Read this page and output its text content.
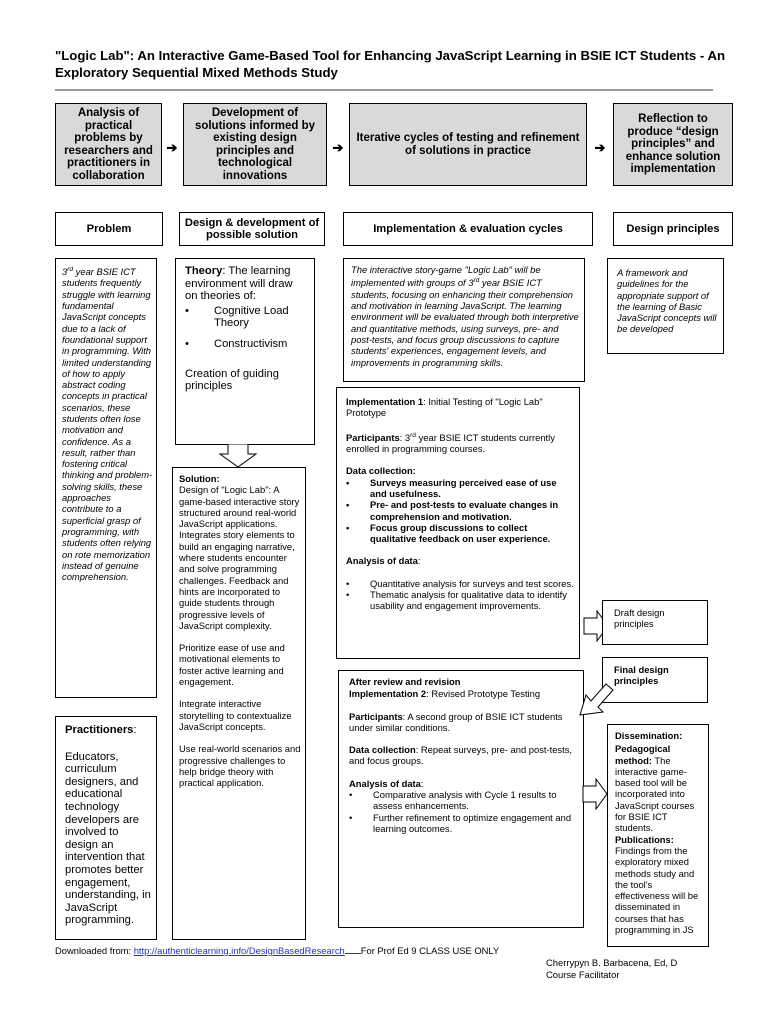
"Logic Lab": An Interactive Game-Based Tool for Enhancing JavaScript Learning in BSIE ICT Students - An Exploratory Sequential Mixed Methods Study
Analysis of practical problems by researchers and practitioners in collaboration
➔
Development of solutions informed by existing design principles and technological innovations
➔
Iterative cycles of testing and refinement of solutions in practice	➔
Reflection to produce “design principles” and enhance solution implementation
Problem
Design & development of possible solution
Implementation & evaluation cycles	Design principles
3rd year BSIE ICT students frequently struggle with learning fundamental JavaScript concepts due to a lack of foundational support in programming. With limited understanding of how to apply abstract coding concepts in practical scenarios, these students often lose motivation and confidence. As a result, rather than fostering critical thinking and problem-solving skills, these approaches contribute to a superficial grasp of programming, with students often relying on rote memorization instead of genuine comprehension.
Practitioners:
Educators, curriculum designers, and educational technology developers are involved to design an intervention that promotes better engagement, understanding, in JavaScript programming.
Theory: The learning environment will draw on theories of:
• Cognitive Load Theory
• Constructivism
Creation of guiding principles
Solution:
Design of "Logic Lab": A game-based interactive story structured around real-world JavaScript applications. Integrates story elements to build an engaging narrative, where students encounter and solve programming challenges. Feedback and hints are incorporated to guide students through progressive levels of JavaScript complexity.
Prioritize ease of use and motivational elements to foster active learning and engagement.
Integrate interactive storytelling to contextualize JavaScript concepts.
Use real-world scenarios and progressive challenges to help bridge theory with practical application.
The interactive story-game "Logic Lab" will be implemented with groups of 3rd year BSIE ICT students, focusing on enhancing their comprehension and motivation in learning JavaScript. The learning environment will be evaluated through both interpretive and quantitative methods, using surveys, pre- and post-tests, and focus group discussions to capture students' experiences, engagement levels, and improvements in programming skills.
Implementation 1: Initial Testing of "Logic Lab" Prototype
Participants: 3rd year BSIE ICT students currently enrolled in programming courses.
Data collection:
• Surveys measuring perceived ease of use and usefulness.
• Pre- and post-tests to evaluate changes in comprehension and motivation.
• Focus group discussions to collect qualitative feedback on user experience.
Analysis of data:
• Quantitative analysis for surveys and test scores.
• Thematic analysis for qualitative data to identify usability and engagement improvements.
After review and revision
Implementation 2: Revised Prototype Testing
Participants: A second group of BSIE ICT students under similar conditions.
Data collection: Repeat surveys, pre- and post-tests, and focus groups.
Analysis of data:
• Comparative analysis with Cycle 1 results to assess enhancements.
• Further refinement to optimize engagement and learning outcomes.
A framework and guidelines for the appropriate support of the learning of Basic JavaScript concepts will be developed
Draft design principles
Final design principles
Dissemination:
Pedagogical method: The interactive game-based tool will be incorporated into JavaScript courses for BSIE ICT students.
Publications:
Findings from the exploratory mixed methods study and the tool's effectiveness will be disseminated in courses that has programming in JS
Downloaded from: http://authenticlearning.info/DesignBasedResearch For Prof Ed 9 CLASS USE ONLY
Cherrypyn B. Barbacena, Ed, D
Course Facilitator
